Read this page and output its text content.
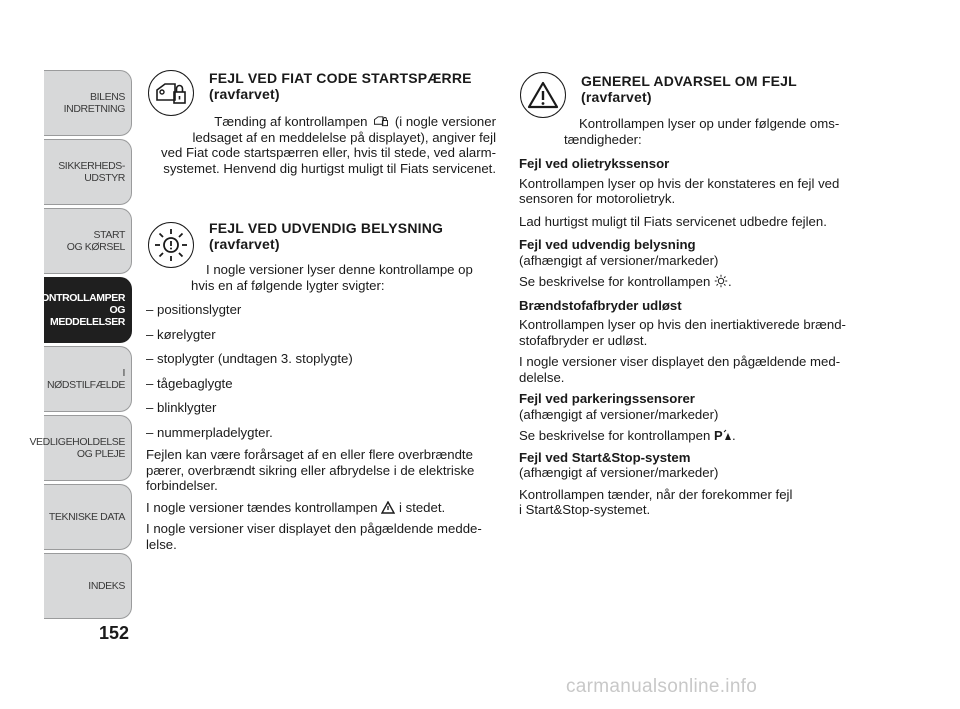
BILENS
INDRETNING
SIKKERHEDS-
UDSTYR
START
OG KØRSEL
KONTROLLAMPER
OG MEDDELELSER
I NØDSTILFÆLDE
VEDLIGEHOLDELSE
OG PLEJE
TEKNISKE DATA
INDEKS
152
FEJL VED FIAT CODE STARTSPÆRRE
(ravfarvet)

Tænding af kontrollampen (i nogle versioner

ledsaget af en meddelelse på displayet), angiver fejl

ved Fiat code startspærren eller, hvis til stede, ved alarm-

systemet. Henvend dig hurtigst muligt til Fiats servicenet.

FEJL VED UDVENDIG BELYSNING
(ravfarvet)

I nogle versioner lyser denne kontrollampe op

hvis en af følgende lygter svigter:

– positionslygter

– kørelygter

– stoplygter (undtagen 3. stoplygte)

– tågebaglygte

– blinklygter

– nummerpladelygter.

Fejlen kan være forårsaget af en eller flere overbrændte

pærer, overbrændt sikring eller afbrydelse i de elektriske

forbindelser.

I nogle versioner tændes kontrollampen i stedet.

I nogle versioner viser displayet den pågældende medde-

lelse.

GENEREL ADVARSEL OM FEJL
(ravfarvet)

Kontrollampen lyser op under følgende oms-

tændigheder:

Fejl ved olietrykssensor

Kontrollampen lyser op hvis der konstateres en fejl ved

sensoren for motorolietryk.

Lad hurtigst muligt til Fiats servicenet udbedre fejlen.

Fejl ved udvendig belysning

(afhængigt af versioner/markeder)

Se beskrivelse for kontrollampen .

Brændstofafbryder udløst

Kontrollampen lyser op hvis den inertiaktiverede brænd-

stofafbryder er udløst.

I nogle versioner viser displayet den pågældende med-

delelse.

Fejl ved parkeringssensorer

(afhængigt af versioner/markeder)

Se beskrivelse for kontrollampen P .

Fejl ved Start&Stop-system

(afhængigt af versioner/markeder)

Kontrollampen tænder, når der forekommer fejl

i Start&Stop-systemet.

carmanualsonline.info
